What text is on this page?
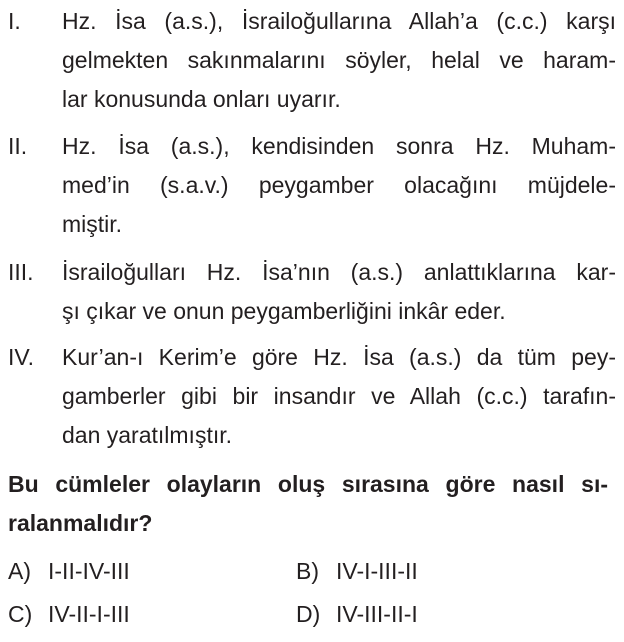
I. Hz. İsa (a.s.), İsrailoğullarına Allah’a (c.c.) karşı
gelmekten sakınmalarını söyler, helal ve haram-
lar konusunda onları uyarır.
II. Hz. İsa (a.s.), kendisinden sonra Hz. Muham-
med’in (s.a.v.) peygamber olacağını müjdele-
miştir.
III. İsrailoğulları Hz. İsa’nın (a.s.) anlattıklarına kar-
şı çıkar ve onun peygamberliğini inkâr eder.
IV. Kur’an-ı Kerim’e göre Hz. İsa (a.s.) da tüm pey-
gamberler gibi bir insandır ve Allah (c.c.) tarafın-
dan yaratılmıştır.
Bu cümleler olayların oluş sırasına göre nasıl sı-
ralanmalıdır?
A) I-II-IV-III	B) IV-I-III-II
C) IV-II-I-III	D) IV-III-II-I
